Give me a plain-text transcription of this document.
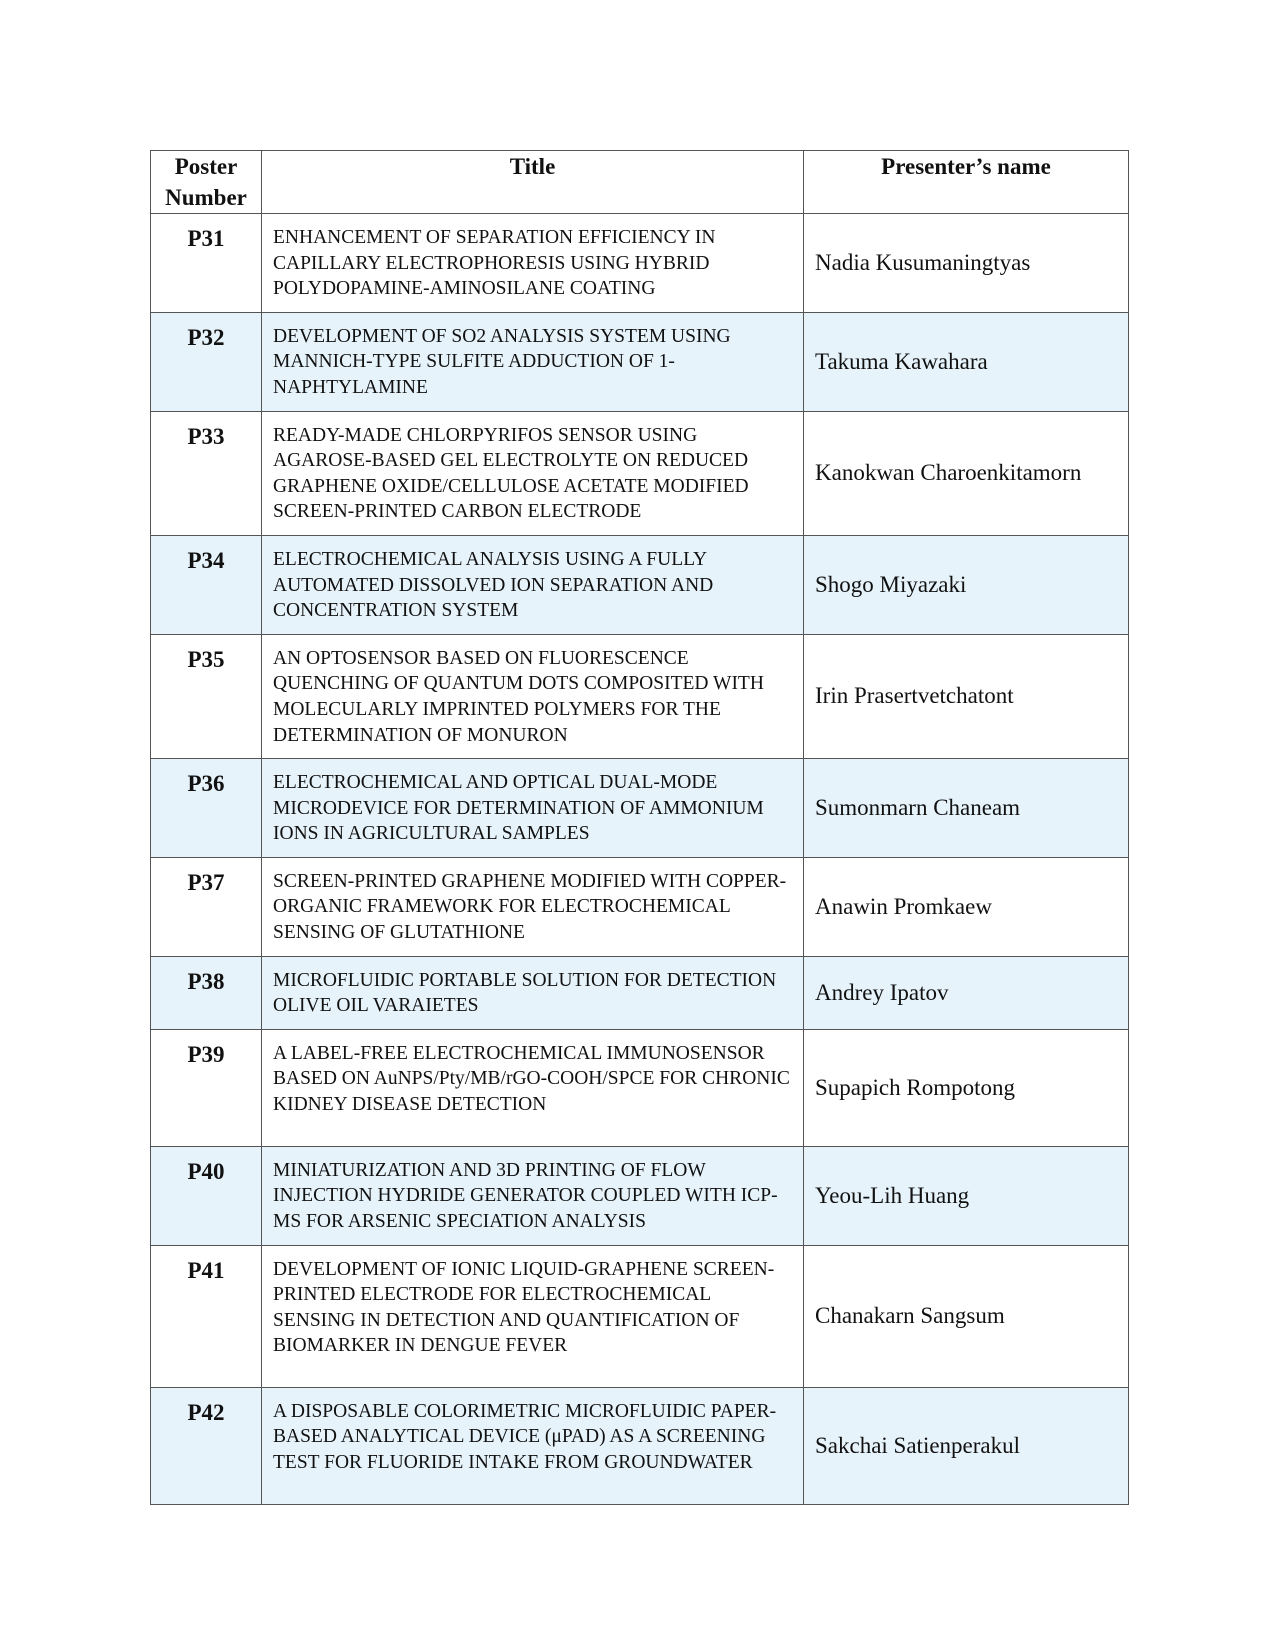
Poster Number	Title	Presenter’s name
P31	ENHANCEMENT OF SEPARATION EFFICIENCY IN CAPILLARY ELECTROPHORESIS USING HYBRID POLYDOPAMINE-AMINOSILANE COATING	Nadia Kusumaningtyas
P32	DEVELOPMENT OF SO2 ANALYSIS SYSTEM USING MANNICH-TYPE SULFITE ADDUCTION OF 1-NAPHTYLAMINE	Takuma Kawahara
P33	READY-MADE CHLORPYRIFOS SENSOR USING AGAROSE-BASED GEL ELECTROLYTE ON REDUCED GRAPHENE OXIDE/CELLULOSE ACETATE MODIFIED SCREEN-PRINTED CARBON ELECTRODE	Kanokwan Charoenkitamorn
P34	ELECTROCHEMICAL ANALYSIS USING A FULLY AUTOMATED DISSOLVED ION SEPARATION AND CONCENTRATION SYSTEM	Shogo Miyazaki
P35	AN OPTOSENSOR BASED ON FLUORESCENCE QUENCHING OF QUANTUM DOTS COMPOSITED WITH MOLECULARLY IMPRINTED POLYMERS FOR THE DETERMINATION OF MONURON	Irin Prasertvetchatont
P36	ELECTROCHEMICAL AND OPTICAL DUAL-MODE MICRODEVICE FOR DETERMINATION OF AMMONIUM IONS IN AGRICULTURAL SAMPLES	Sumonmarn Chaneam
P37	SCREEN-PRINTED GRAPHENE MODIFIED WITH COPPER-ORGANIC FRAMEWORK FOR ELECTROCHEMICAL SENSING OF GLUTATHIONE	Anawin Promkaew
P38	MICROFLUIDIC PORTABLE SOLUTION FOR DETECTION OLIVE OIL VARAIETES	Andrey Ipatov
P39	A LABEL-FREE ELECTROCHEMICAL IMMUNOSENSOR BASED ON AuNPS/Pty/MB/rGO-COOH/SPCE FOR CHRONIC KIDNEY DISEASE DETECTION	Supapich Rompotong
P40	MINIATURIZATION AND 3D PRINTING OF FLOW INJECTION HYDRIDE GENERATOR COUPLED WITH ICP-MS FOR ARSENIC SPECIATION ANALYSIS	Yeou-Lih Huang
P41	DEVELOPMENT OF IONIC LIQUID-GRAPHENE SCREEN-PRINTED ELECTRODE FOR ELECTROCHEMICAL SENSING IN DETECTION AND QUANTIFICATION OF BIOMARKER IN DENGUE FEVER	Chanakarn Sangsum
P42	A DISPOSABLE COLORIMETRIC MICROFLUIDIC PAPER-BASED ANALYTICAL DEVICE (μPAD) AS A SCREENING TEST FOR FLUORIDE INTAKE FROM GROUNDWATER	Sakchai Satienperakul
